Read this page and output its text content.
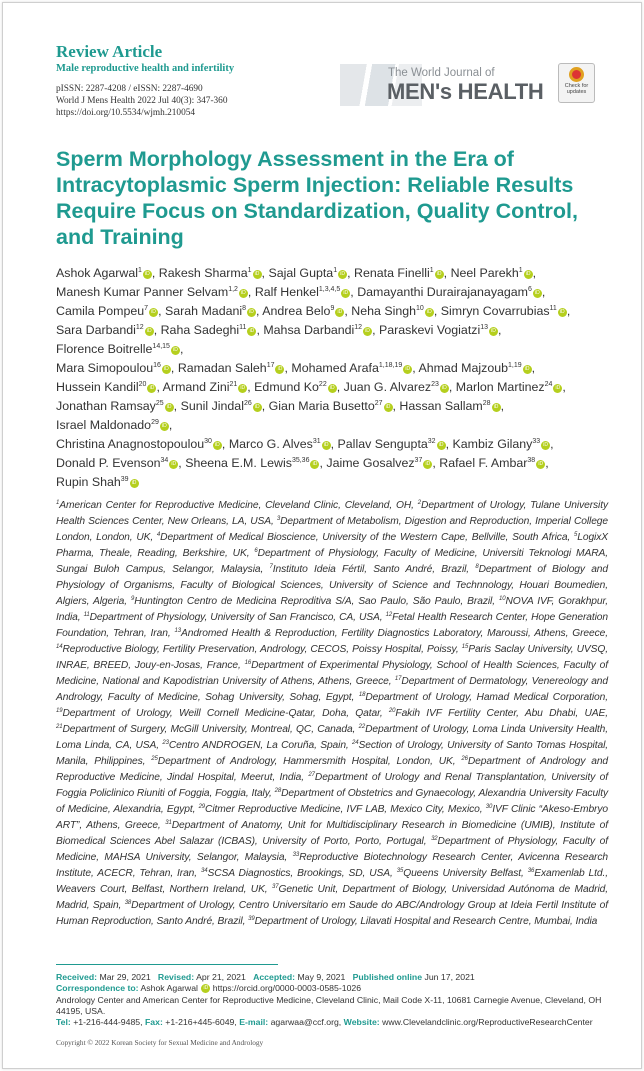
Review Article
Male reproductive health and infertility
pISSN: 2287-4208 / eISSN: 2287-4690
World J Mens Health 2022 Jul 40(3): 347-360
https://doi.org/10.5534/wjmh.210054
The World Journal of
MEN's HEALTH	Check for updates
Sperm Morphology Assessment in the Era of Intracytoplasmic Sperm Injection: Reliable Results Require Focus on Standardization, Quality Control, and Training
Ashok Agarwal$^1$ iD , Rakesh Sharma$^1$ iD , Sajal Gupta$^1$ iD , Renata Finelli$^1$ iD , Neel Parekh$^1$ iD ,
Manesh Kumar Panner Selvam$^{1,2}$ iD , Ralf Henkel$^{1,3,4,5}$ iD , Damayanthi Durairajanayagam$^6$ iD ,
Camila Pompeu$^7$ iD , Sarah Madani$^8$ iD , Andrea Belo$^9$ iD , Neha Singh$^{10}$ iD , Simryn Covarrubias$^{11}$ iD ,
Sara Darbandi$^{12}$ iD , Raha Sadeghi$^{11}$ iD , Mahsa Darbandi$^{12}$ iD , Paraskevi Vogiatzi$^{13}$ iD , Florence Boitrelle$^{14,15}$ iD ,
Mara Simopoulou$^{16}$ iD , Ramadan Saleh$^{17}$ iD , Mohamed Arafa$^{1,18,19}$ iD , Ahmad Majzoub$^{1,19}$ iD ,
Hussein Kandil$^{20}$ iD , Armand Zini$^{21}$ iD , Edmund Ko$^{22}$ iD , Juan G. Alvarez$^{23}$ iD , Marlon Martinez$^{24}$ iD ,
Jonathan Ramsay$^{25}$ iD , Sunil Jindal$^{26}$ iD , Gian Maria Busetto$^{27}$ iD , Hassan Sallam$^{28}$ iD , Israel Maldonado$^{29}$ iD ,
Christina Anagnostopoulou$^{30}$ iD , Marco G. Alves$^{31}$ iD , Pallav Sengupta$^{32}$ iD , Kambiz Gilany$^{33}$ iD ,
Donald P. Evenson$^{34}$ iD , Sheena E.M. Lewis$^{35,36}$ iD , Jaime Gosalvez$^{37}$ iD , Rafael F. Ambar$^{38}$ iD , Rupin Shah$^{39}$ iD
$^1$American Center for Reproductive Medicine, Cleveland Clinic, Cleveland, OH, $^2$Department of Urology, Tulane University Health Sciences Center, New Orleans, LA, USA, $^3$Department of Metabolism, Digestion and Reproduction, Imperial College London, London, UK, $^4$Department of Medical Bioscience, University of the Western Cape, Bellville, South Africa, $^5$LogixX Pharma, Theale, Reading, Berkshire, UK, $^6$Department of Physiology, Faculty of Medicine, Universiti Teknologi MARA, Sungai Buloh Campus, Selangor, Malaysia, $^7$Instituto Ideia Fértil, Santo André, Brazil, $^8$Department of Biology and Physiology of Organisms, Faculty of Biological Sciences, University of Science and Technnology, Houari Boumedien, Algiers, Algeria, $^9$Huntington Centro de Medicina Reproditiva S/A, Sao Paulo, São Paulo, Brazil, $^{10}$NOVA IVF, Gorakhpur, India, $^{11}$Department of Physiology, University of San Francisco, CA, USA, $^{12}$Fetal Health Research Center, Hope Generation Foundation, Tehran, Iran, $^{13}$Andromed Health & Reproduction, Fertility Diagnostics Laboratory, Maroussi, Athens, Greece, $^{14}$Reproductive Biology, Fertility Preservation, Andrology, CECOS, Poissy Hospital, Poissy, $^{15}$Paris Saclay University, UVSQ, INRAE, BREED, Jouy-en-Josas, France, $^{16}$Department of Experimental Physiology, School of Health Sciences, Faculty of Medicine, National and Kapodistrian University of Athens, Athens, Greece, $^{17}$Department of Dermatology, Venereology and Andrology, Faculty of Medicine, Sohag University, Sohag, Egypt, $^{18}$Department of Urology, Hamad Medical Corporation, $^{19}$Department of Urology, Weill Cornell Medicine-Qatar, Doha, Qatar, $^{20}$Fakih IVF Fertility Center, Abu Dhabi, UAE, $^{21}$Department of Surgery, McGill University, Montreal, QC, Canada, $^{22}$Department of Urology, Loma Linda University Health, Loma Linda, CA, USA, $^{23}$Centro ANDROGEN, La Coruña, Spain, $^{24}$Section of Urology, University of Santo Tomas Hospital, Manila, Philippines, $^{25}$Department of Andrology, Hammersmith Hospital, London, UK, $^{26}$Department of Andrology and Reproductive Medicine, Jindal Hospital, Meerut, India, $^{27}$Department of Urology and Renal Transplantation, University of Foggia Policlinico Riuniti of Foggia, Foggia, Italy, $^{28}$Department of Obstetrics and Gynaecology, Alexandria University Faculty of Medicine, Alexandria, Egypt, $^{29}$Citmer Reproductive Medicine, IVF LAB, Mexico City, Mexico, $^{30}$IVF Clinic “Akeso-Embryo ART”, Athens, Greece, $^{31}$Department of Anatomy, Unit for Multidisciplinary Research in Biomedicine (UMIB), Institute of Biomedical Sciences Abel Salazar (ICBAS), University of Porto, Porto, Portugal, $^{32}$Department of Physiology, Faculty of Medicine, MAHSA University, Selangor, Malaysia, $^{33}$Reproductive Biotechnology Research Center, Avicenna Research Institute, ACECR, Tehran, Iran, $^{34}$SCSA Diagnostics, Brookings, SD, USA, $^{35}$Queens University Belfast, $^{36}$Examenlab Ltd., Weavers Court, Belfast, Northern Ireland, UK, $^{37}$Genetic Unit, Department of Biology, Universidad Autónoma de Madrid, Madrid, Spain, $^{38}$Department of Urology, Centro Universitario em Saude do ABC/Andrology Group at Ideia Fertil Institute of Human Reproduction, Santo André, Brazil, $^{39}$Department of Urology, Lilavati Hospital and Research Centre, Mumbai, India
Received: Mar 29, 2021 Revised: Apr 21, 2021 Accepted: May 9, 2021 Published online Jun 17, 2021
Correspondence to: Ashok Agarwal iD https://orcid.org/0000-0003-0585-1026
Andrology Center and American Center for Reproductive Medicine, Cleveland Clinic, Mail Code X-11, 10681 Carnegie Avenue, Cleveland, OH 44195, USA.
Tel: +1-216-444-9485, Fax: +1-216+445-6049, E-mail: agarwaa@ccf.org, Website: www.Clevelandclinic.org/ReproductiveResearchCenter
Copyright © 2022 Korean Society for Sexual Medicine and Andrology
